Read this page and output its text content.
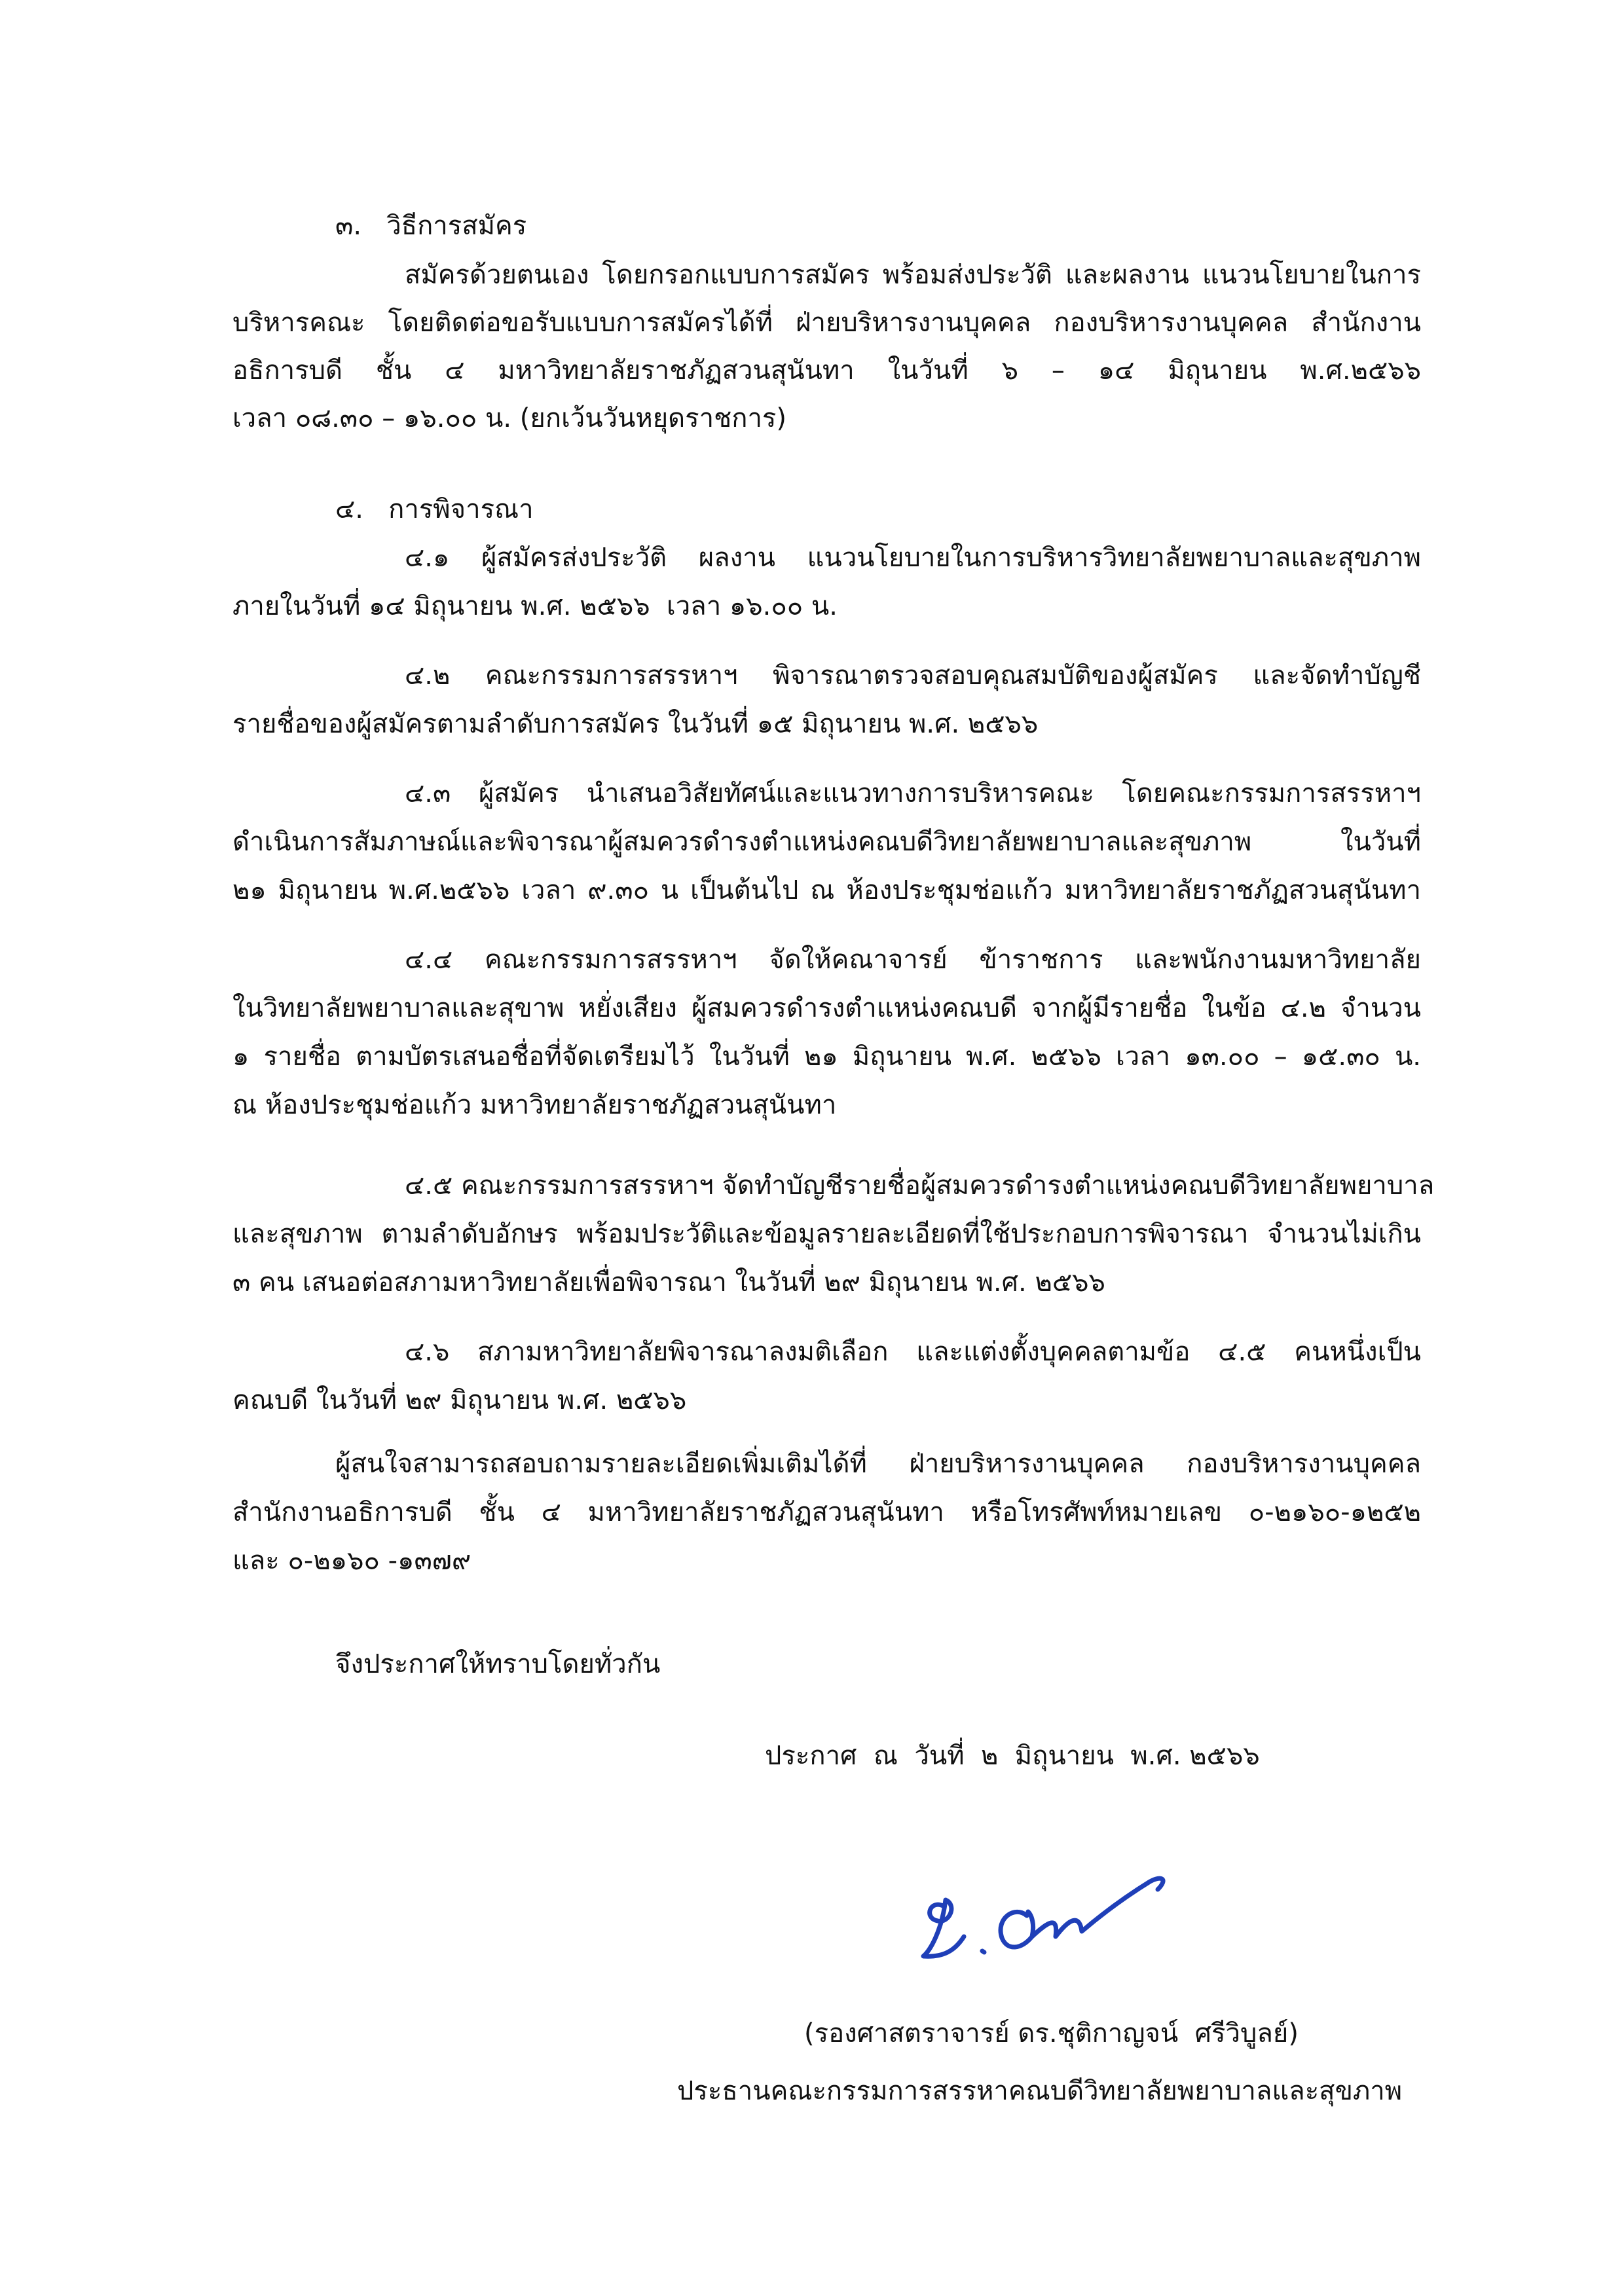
๓.   วิธีการสมัคร

สมัครด้วยตนเอง โดยกรอกแบบการสมัคร พร้อมส่งประวัติ และผลงาน แนวนโยบายในการ

บริหารคณะ โดยติดต่อขอรับแบบการสมัครได้ที่ ฝ่ายบริหารงานบุคคล กองบริหารงานบุคคล สำนักงาน

อธิการบดี ชั้น ๔ มหาวิทยาลัยราชภัฏสวนสุนันทา ในวันที่ ๖ – ๑๔ มิถุนายน พ.ศ.๒๕๖๖

เวลา ๐๘.๓๐ – ๑๖.๐๐ น. (ยกเว้นวันหยุดราชการ)

๔.   การพิจารณา

๔.๑ ผู้สมัครส่งประวัติ ผลงาน แนวนโยบายในการบริหารวิทยาลัยพยาบาลและสุขภาพ

ภายในวันที่ ๑๔ มิถุนายน พ.ศ. ๒๕๖๖  เวลา ๑๖.๐๐ น.

๔.๒ คณะกรรมการสรรหาฯ พิจารณาตรวจสอบคุณสมบัติของผู้สมัคร และจัดทำบัญชี

รายชื่อของผู้สมัครตามลำดับการสมัคร ในวันที่ ๑๕ มิถุนายน พ.ศ. ๒๕๖๖

๔.๓ ผู้สมัคร นำเสนอวิสัยทัศน์และแนวทางการบริหารคณะ โดยคณะกรรมการสรรหาฯ

ดำเนินการสัมภาษณ์และพิจารณาผู้สมควรดำรงตำแหน่งคณบดีวิทยาลัยพยาบาลและสุขภาพ ในวันที่

๒๑ มิถุนายน พ.ศ.๒๕๖๖ เวลา ๙.๓๐ น เป็นต้นไป ณ ห้องประชุมช่อแก้ว มหาวิทยาลัยราชภัฏสวนสุนันทา

๔.๔ คณะกรรมการสรรหาฯ จัดให้คณาจารย์ ข้าราชการ และพนักงานมหาวิทยาลัย

ในวิทยาลัยพยาบาลและสุขาพ หยั่งเสียง ผู้สมควรดำรงตำแหน่งคณบดี จากผู้มีรายชื่อ ในข้อ ๔.๒ จำนวน

๑ รายชื่อ ตามบัตรเสนอชื่อที่จัดเตรียมไว้ ในวันที่ ๒๑ มิถุนายน พ.ศ. ๒๕๖๖ เวลา ๑๓.๐๐ – ๑๕.๓๐ น.

ณ ห้องประชุมช่อแก้ว มหาวิทยาลัยราชภัฏสวนสุนันทา

๔.๕ คณะกรรมการสรรหาฯ จัดทำบัญชีรายชื่อผู้สมควรดำรงตำแหน่งคณบดีวิทยาลัยพยาบาล

และสุขภาพ ตามลำดับอักษร พร้อมประวัติและข้อมูลรายละเอียดที่ใช้ประกอบการพิจารณา จำนวนไม่เกิน

๓ คน เสนอต่อสภามหาวิทยาลัยเพื่อพิจารณา ในวันที่ ๒๙ มิถุนายน พ.ศ. ๒๕๖๖

๔.๖ สภามหาวิทยาลัยพิจารณาลงมติเลือก และแต่งตั้งบุคคลตามข้อ ๔.๕ คนหนึ่งเป็น

คณบดี ในวันที่ ๒๙ มิถุนายน พ.ศ. ๒๕๖๖

ผู้สนใจสามารถสอบถามรายละเอียดเพิ่มเติมได้ที่ ฝ่ายบริหารงานบุคคล กองบริหารงานบุคคล

สำนักงานอธิการบดี ชั้น ๔ มหาวิทยาลัยราชภัฏสวนสุนันทา หรือโทรศัพท์หมายเลข ๐-๒๑๖๐-๑๒๕๒

และ ๐-๒๑๖๐ -๑๓๗๙

จึงประกาศให้ทราบโดยทั่วกัน

ประกาศ  ณ  วันที่  ๒  มิถุนายน  พ.ศ. ๒๕๖๖

(รองศาสตราจารย์ ดร.ชุติกาญจน์  ศรีวิบูลย์)

ประธานคณะกรรมการสรรหาคณบดีวิทยาลัยพยาบาลและสุขภาพ
